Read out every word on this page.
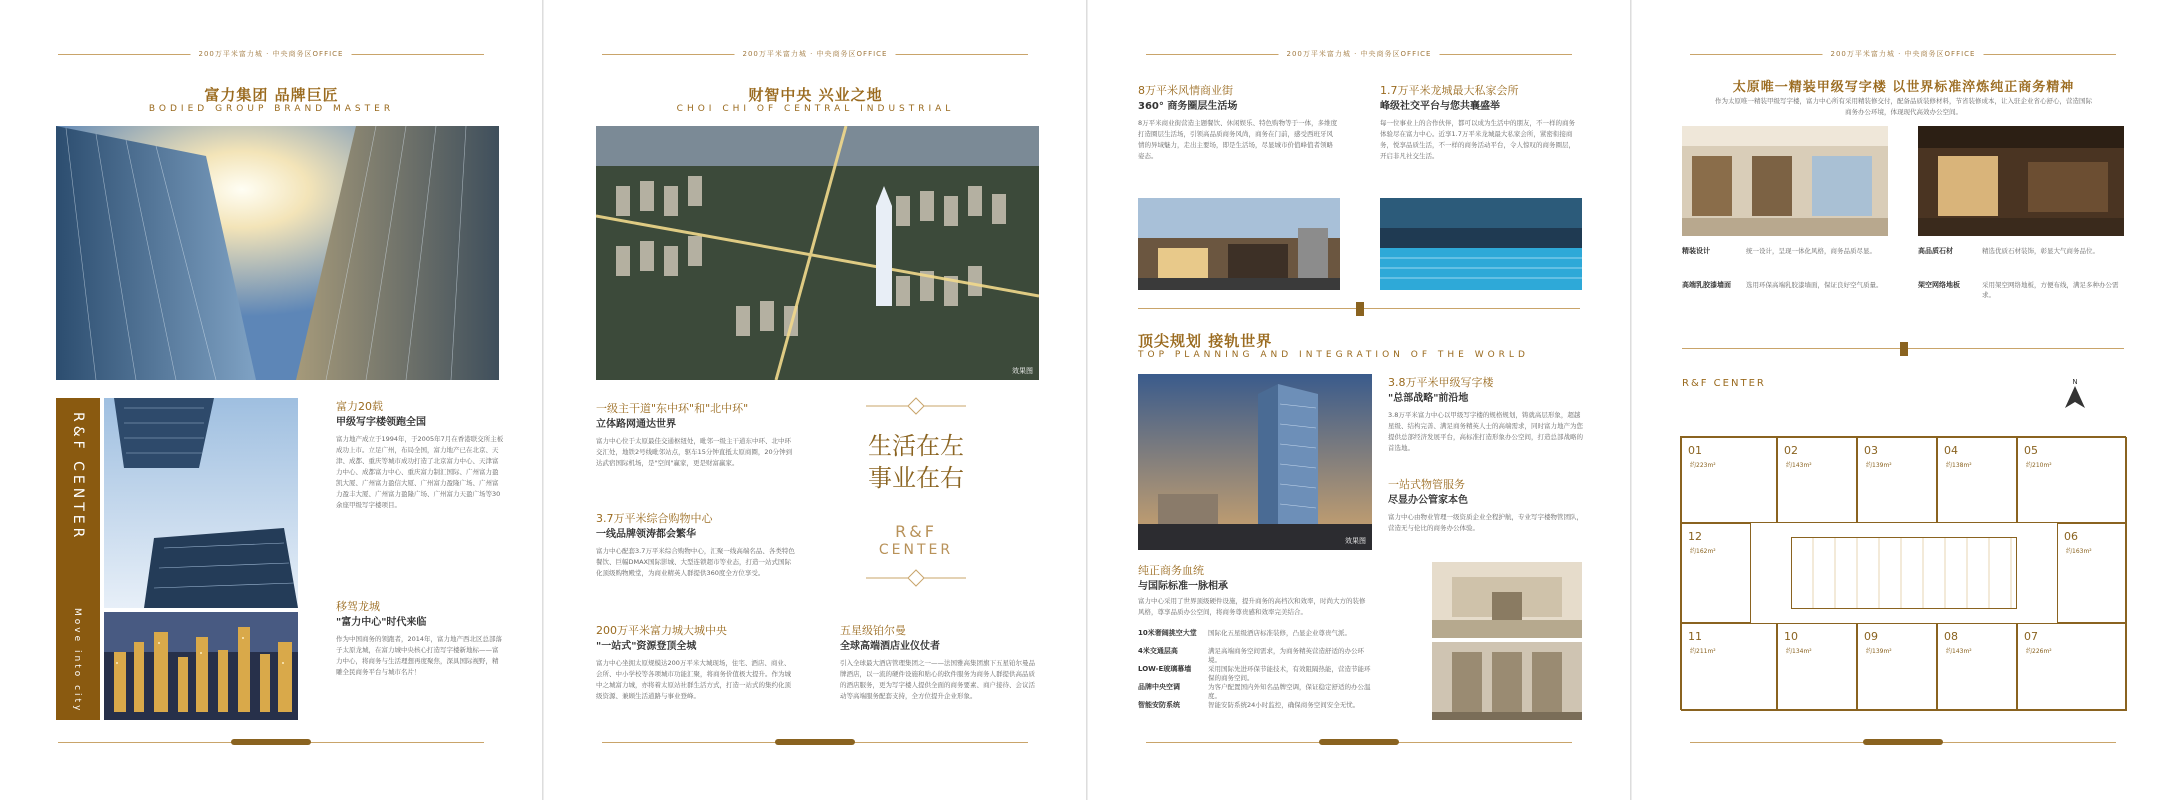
200万平米富力城 · 中央商务区OFFICE
富力集团 品牌巨匠
BODIED GROUP BRAND MASTER
R&F CENTER
Move into city
富力20载
甲级写字楼领跑全国
富力地产成立于1994年，于2005年7月在香港联交所主板成功上市。立足广州，布局全国，富力地产已在北京、天津、成都、重庆等城市成功打造了北京富力中心、天津富力中心、成都富力中心、重庆富力制汇国际、广州富力盈凯大厦、广州富力盈信大厦、广州富力盈隆广场、广州富力盈丰大厦、广州富力盈隆广场、广州富力天盈广场等30余座甲级写字楼项目。
移驾龙城
"富力中心"时代来临
作为中国商务的领跑者，2014年，富力地产西北区总部落子太原龙城，在富力城中央核心打造写字楼新地标——富力中心，将商务与生活理想再度聚焦，深具国际视野，精雕全民商务平台与城市名片！
200万平米富力城 · 中央商务区OFFICE
财智中央 兴业之地
CHOI CHI OF CENTRAL INDUSTRIAL
效果图
一级主干道"东中环"和"北中环"
立体路网通达世界
富力中心位于太原最佳交通枢纽处，毗邻一级主干道东中环、北中环交汇处，地铁2号线毗邻站点，驱车15分钟直抵太原商圈，20分钟到达武宿国际机场，是"空间"赢家，更是财富赢家。
3.7万平米综合购物中心
一线品牌领涛都会繁华
富力中心配套3.7万平米综合购物中心，汇聚一线高端名品、各类特色餐饮、巨幅DMAX国际影城、大型连锁超市等业态，打造一站式国际化顶级购物殿堂，为商业精英人群提供360度全方位享受。
200万平米富力城大城中央
"一站式"资源登顶全城
富力中心坐拥太原规模达200万平米大城现场，住宅、酒店、商业、会所、中小学校等各项城市功能汇聚，将商务价值极大提升。作为城中之城富力城，亦将着太原站社群生活方式，打造一站式的集约化顶级资源、兼顾生活道路与事业登峰。
生活在左
事业在右
R&F
CENTER
五星级铂尔曼
全球高端酒店业仪仗者
引入全球最大酒店管理集团之一——法国雅高集团旗下五星铂尔曼品牌酒店，以一流的硬件设施和贴心的软件服务为商务人群提供高品质的酒店服务，更为写字楼人提供全面的商务要素、商户接待、会议活动等高端服务配套支持，全方位提升企业形象。
200万平米富力城 · 中央商务区OFFICE
8万平米风情商业街
360° 商务圈层生活场
8万平米商业街营造主题餐饮、休闲娱乐、特色购物等于一体，多维度打造圈层生活场，引领高品质商务风尚，商务在门前，感受西班牙风情的异域魅力，走出主要场，即是生活场，尽显城市价值峰值者领略姿态。
1.7万平米龙城最大私家会所
峰级社交平台与您共襄盛举
每一位事业上的合作伙伴，都可以成为生活中的朋友，不一样的商务体验尽在富力中心。近享1.7万平米龙城最大私家会所，紧密衔接商务，悦享品质生活，不一样的商务活动平台，令人惊叹的商务圈层，开启非凡社交生活。
顶尖规划 接轨世界
TOP PLANNING AND INTEGRATION OF THE WORLD
效果图
3.8万平米甲级写字楼
"总部战略"前沿地
3.8万平米富力中心以甲级写字楼的规格规划，铸就高层形象，超越星级、结构完善、满足商务精英人士的高端需求，同时富力地产为您提供总部经济发展平台，高标准打造形象办公空间，打造总部战略的首选地。
一站式物管服务
尽显办公管家本色
富力中心由物业管理一级资质企业全程护航，专业写字楼物管团队，营造无与伦比的商务办公体验。
纯正商务血统
与国际标准一脉相承
富力中心采用了世界顶级硬件设施，提升商务的高档次和效率，时尚大方的装修风格，尊享品质办公空间，将商务尊贵感和效率完美结合。
10米奢阔挑空大堂	国际化五星级酒店标准装修，凸显企业尊贵气派。
4米交通层高	满足高端商务空间需求，为商务精英营造舒适的办公环境。
LOW-E玻璃幕墙	采用国际先进环保节能技术，有效阻隔热能，营造节能环保的商务空间。
品牌中央空调	为客户配置国内外知名品牌空调，保证稳定舒适的办公温度。
智能安防系统	智能安防系统24小时监控，确保商务空间安全无忧。
200万平米富力城 · 中央商务区OFFICE
太原唯一精装甲级写字楼 以世界标准淬炼纯正商务精神
作为太原唯一精装甲级写字楼，富力中心所有采用精装修交付，配备品质装修材料，节省装修成本，让入驻企业省心舒心，营造国际商务办公环境，体现现代高效办公空间。
精装设计	统一设计，呈现一体化风格，商务品质尽显。	高品质石材	精选优质石材装饰，彰显大气商务品位。
高端乳胶漆墙面	选用环保高端乳胶漆墙面，保证良好空气质量。	架空网络地板	采用架空网络地板，方便布线，满足多种办公需求。
R&F CENTER	N
01
约223m²
02
约143m²
03
约139m²
04
约138m²
05
约210m²
12
约162m²
06
约163m²
11
约211m²
10
约134m²
09
约139m²
08
约143m²
07
约226m²
